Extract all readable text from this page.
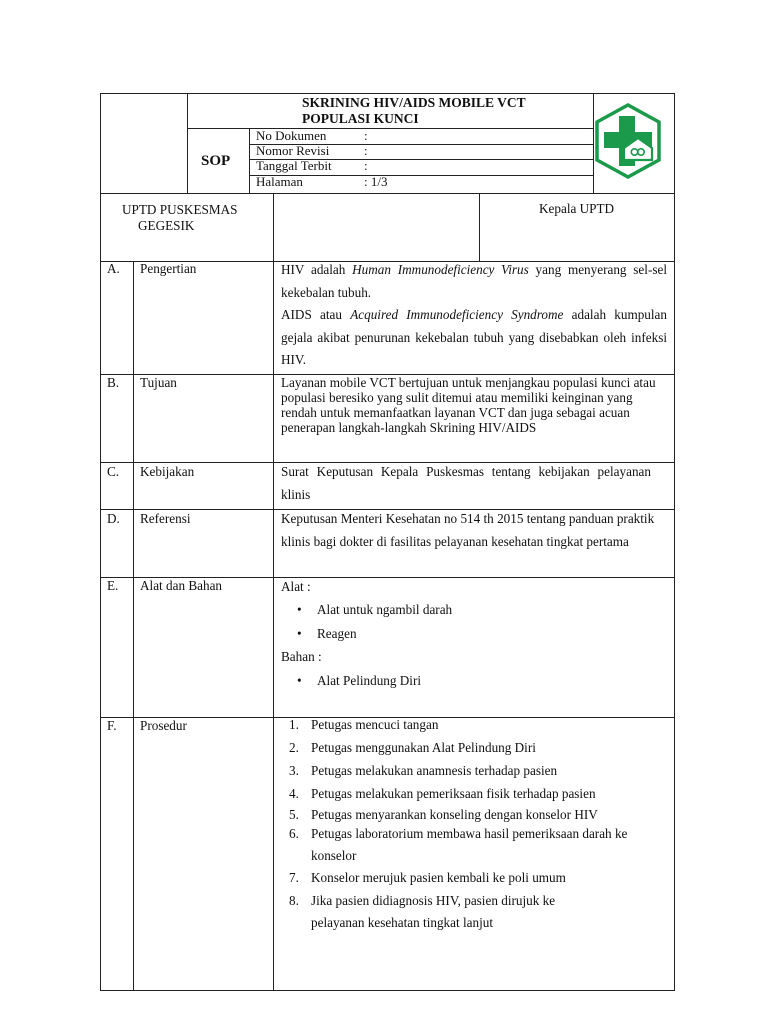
SKRINING HIV/AIDS MOBILE VCT
POPULASI KUNCI
SOP
No Dokumen	:
Nomor Revisi	:
Tanggal Terbit :
Halaman	: 1/3
UPTD PUSKESMAS
GEGESIK
Kepala UPTD
A. Pengertian	HIV adalah Human Immunodeficiency Virus yang menyerang sel-sel kekebalan tubuh.
AIDS atau Acquired Immunodeficiency Syndrome adalah kumpulan gejala akibat penurunan kekebalan tubuh yang disebabkan oleh infeksi HIV.
B. Tujuan	Layanan mobile VCT bertujuan untuk menjangkau populasi kunci atau populasi beresiko yang sulit ditemui atau memiliki keinginan yang rendah untuk memanfaatkan layanan VCT dan juga sebagai acuan penerapan langkah-langkah Skrining HIV/AIDS
C. Kebijakan	Surat Keputusan Kepala Puskesmas tentang kebijakan pelayanan klinis
D. Referensi	Keputusan Menteri Kesehatan no 514 th 2015 tentang panduan praktik klinis bagi dokter di fasilitas pelayanan kesehatan tingkat pertama
E. Alat dan Bahan	Alat :
• Alat untuk ngambil darah
• Reagen
Bahan :
• Alat Pelindung Diri
F. Prosedur	1. Petugas mencuci tangan
2. Petugas menggunakan Alat Pelindung Diri
3. Petugas melakukan anamnesis terhadap pasien
4. Petugas melakukan pemeriksaan fisik terhadap pasien
5. Petugas menyarankan konseling dengan konselor HIV
6. Petugas laboratorium membawa hasil pemeriksaan darah ke konselor
7. Konselor merujuk pasien kembali ke poli umum
8. Jika pasien didiagnosis HIV, pasien dirujuk ke pelayanan kesehatan tingkat lanjut
